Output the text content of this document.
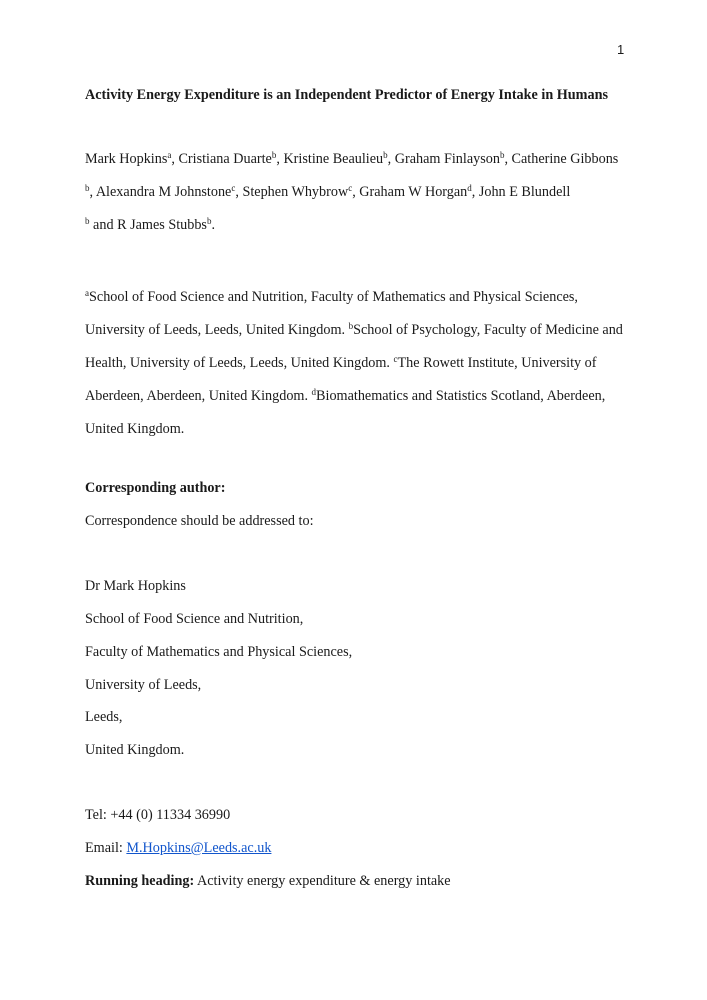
1
Activity Energy Expenditure is an Independent Predictor of Energy Intake in Humans
Mark Hopkins$^a$, Cristiana Duarte$^b$, Kristine Beaulieu$^b$, Graham Finlayson$^b$, Catherine Gibbons
$^b$, Alexandra M Johnstone$^c$, Stephen Whybrow$^c$, Graham W Horgan$^d$, John E Blundell
$^b$ and R James Stubbs$^b$.
$^a$School of Food Science and Nutrition, Faculty of Mathematics and Physical Sciences, University of Leeds, Leeds, United Kingdom. $^b$School of Psychology, Faculty of Medicine and Health, University of Leeds, Leeds, United Kingdom. $^c$The Rowett Institute, University of Aberdeen, Aberdeen, United Kingdom. $^d$Biomathematics and Statistics Scotland, Aberdeen, United Kingdom.
Corresponding author:
Correspondence should be addressed to:
Dr Mark Hopkins
School of Food Science and Nutrition,
Faculty of Mathematics and Physical Sciences,
University of Leeds,
Leeds,
United Kingdom.
Tel: +44 (0) 11334 36990
Email: M.Hopkins@Leeds.ac.uk
Running heading: Activity energy expenditure & energy intake
